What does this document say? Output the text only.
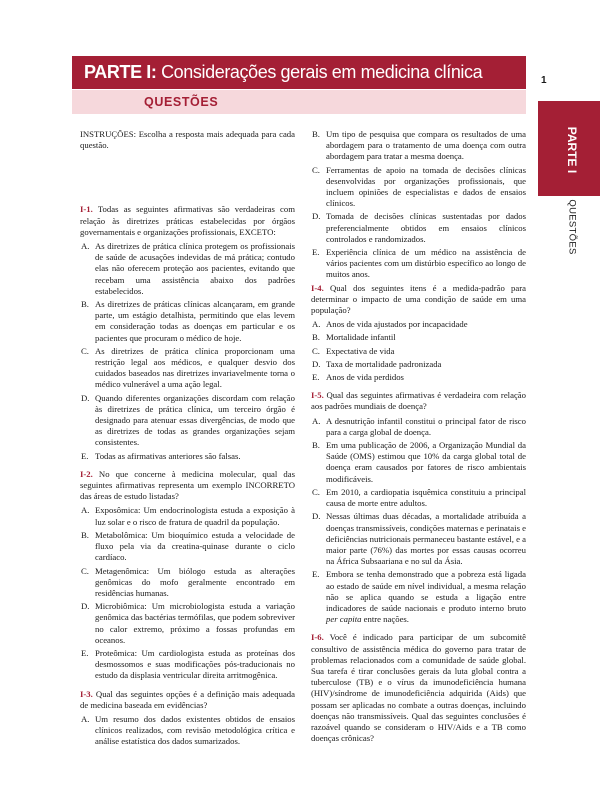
PARTE I: Considerações gerais em medicina clínica	1
QUESTÕES
PARTE I
QUESTÕES

INSTRUÇÕES: Escolha a resposta mais adequada para cada questão.

I-1. Todas as seguintes afirmativas são verdadeiras com relação às diretrizes práticas estabelecidas por órgãos governamentais e organizações profissionais, EXCETO:

A. As diretrizes de prática clínica protegem os profissionais de saúde de acusações indevidas de má prática; contudo elas não oferecem proteção aos pacientes, evitando que recebam uma assistência abaixo dos padrões estabelecidos.
B. As diretrizes de práticas clínicas alcançaram, em grande parte, um estágio detalhista, permitindo que elas levem em consideração todas as doenças em particular e os pacientes que procuram o médico de hoje.
C. As diretrizes de prática clínica proporcionam uma restrição legal aos médicos, e qualquer desvio dos cuidados baseados nas diretrizes invariavelmente torna o médico vulnerável a uma ação legal.
D. Quando diferentes organizações discordam com relação às diretrizes de prática clínica, um terceiro órgão é designado para atenuar essas divergências, de modo que as diretrizes de todas as grandes organizações sejam consistentes.
E. Todas as afirmativas anteriores são falsas.

I-2. No que concerne à medicina molecular, qual das seguintes afirmativas representa um exemplo INCORRETO das áreas de estudo listadas?

A. Exposômica: Um endocrinologista estuda a exposição à luz solar e o risco de fratura de quadril da população.
B. Metabolômica: Um bioquímico estuda a velocidade de fluxo pela via da creatina-quinase durante o ciclo cardíaco.
C. Metagenômica: Um biólogo estuda as alterações genômicas do mofo geralmente encontrado em residências humanas.
D. Microbiômica: Um microbiologista estuda a variação genômica das bactérias termófilas, que podem sobreviver no calor extremo, próximo a fossas profundas em oceanos.
E. Proteômica: Um cardiologista estuda as proteínas dos desmossomos e suas modificações pós-traducionais no estudo da displasia ventricular direita arritmogênica.

I-3. Qual das seguintes opções é a definição mais adequada de medicina baseada em evidências?

A. Um resumo dos dados existentes obtidos de ensaios clínicos realizados, com revisão metodológica crítica e análise estatística dos dados sumarizados.
B. Um tipo de pesquisa que compara os resultados de uma abordagem para o tratamento de uma doença com outra abordagem para tratar a mesma doença.
C. Ferramentas de apoio na tomada de decisões clínicas desenvolvidas por organizações profissionais, que incluem opiniões de especialistas e dados de ensaios clínicos.
D. Tomada de decisões clínicas sustentadas por dados preferencialmente obtidos em ensaios clínicos controlados e randomizados.
E. Experiência clínica de um médico na assistência de vários pacientes com um distúrbio específico ao longo de muitos anos.

I-4. Qual dos seguintes itens é a medida-padrão para determinar o impacto de uma condição de saúde em uma população?

A. Anos de vida ajustados por incapacidade
B. Mortalidade infantil
C. Expectativa de vida
D. Taxa de mortalidade padronizada
E. Anos de vida perdidos

I-5. Qual das seguintes afirmativas é verdadeira com relação aos padrões mundiais de doença?

A. A desnutrição infantil constitui o principal fator de risco para a carga global de doença.
B. Em uma publicação de 2006, a Organização Mundial da Saúde (OMS) estimou que 10% da carga global total de doença eram causados por fatores de risco ambientais modificáveis.
C. Em 2010, a cardiopatia isquêmica constituiu a principal causa de morte entre adultos.
D. Nessas últimas duas décadas, a mortalidade atribuída a doenças transmissíveis, condições maternas e perinatais e deficiências nutricionais permaneceu bastante estável, e a maior parte (76%) das mortes por essas causas ocorreu na África Subsaariana e no sul da Ásia.
E. Embora se tenha demonstrado que a pobreza está ligada ao estado de saúde em nível individual, a mesma relação não se aplica quando se estuda a ligação entre indicadores de saúde nacionais e produto interno bruto per capita entre nações.

I-6. Você é indicado para participar de um subcomitê consultivo de assistência médica do governo para tratar de problemas relacionados com a comunidade de saúde global. Sua tarefa é tirar conclusões gerais da luta global contra a tuberculose (TB) e o vírus da imunodeficiência humana (HIV)/síndrome de imunodeficiência adquirida (Aids) que possam ser aplicadas no combate a outras doenças, incluindo doenças não transmissíveis. Qual das seguintes conclusões é razoável quando se consideram o HIV/Aids e a TB como doenças crônicas?
